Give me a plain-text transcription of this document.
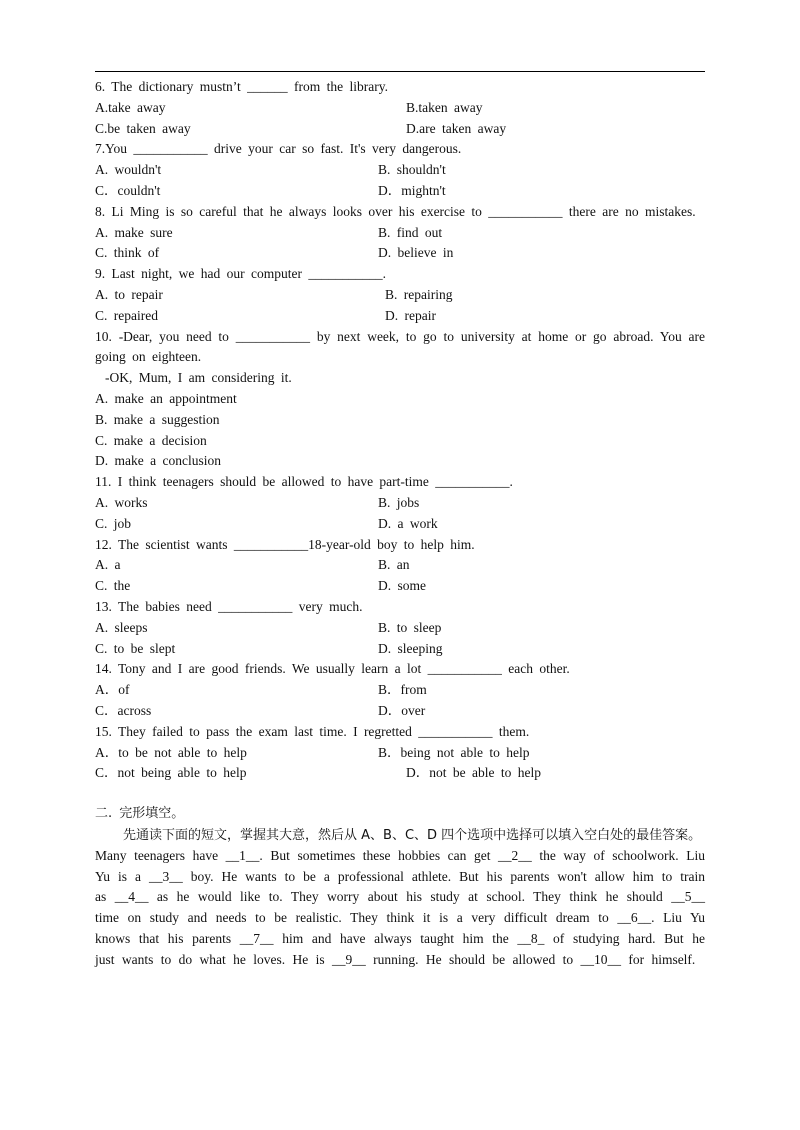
6. The dictionary mustn’t ______ from the library.
A.take away	B.taken away
C.be taken away	D.are taken away
7.You ___________ drive your car so fast. It's very dangerous.
A. wouldn't	B. shouldn't
C．couldn't	D．mightn't
8. Li Ming is so careful that he always looks over his exercise to ___________ there are no mistakes.
A. make sure	B. find out
C. think of	D. believe in
9. Last night, we had our computer ___________.
A. to repair	B. repairing
C. repaired	D. repair
10. -Dear, you need to ___________ by next week, to go to university at home or go abroad. You are going on eighteen.
-OK, Mum, I am considering it.
A. make an appointment
B. make a suggestion
C. make a decision
D. make a conclusion
11. I think teenagers should be allowed to have part-time ___________.
A. works	B. jobs
C. job	D. a work
12. The scientist wants ___________18-year-old boy to help him.
A. a	B. an
C. the	D. some
13. The babies need ___________ very much.
A. sleeps	B. to sleep
C. to be slept	D. sleeping
14. Tony and I are good friends. We usually learn a lot ___________ each other.
A．of	B．from
C．across	D．over
15. They failed to pass the exam last time. I regretted ___________ them.
A．to be not able to help	B．being not able to help
C．not being able to help	D．not be able to help
二. 完形填空。
先通读下面的短文，掌握其大意，然后从 A、B、C、D 四个选项中选择可以填入空白处的最佳答案。
Many teenagers have __1__. But sometimes these hobbies can get __2__ the way of schoolwork. Liu Yu is a __3__ boy. He wants to be a professional athlete. But his parents won't allow him to train as __4__ as he would like to. They worry about his study at school. They think he should __5__ time on study and needs to be realistic. They think it is a very difficult dream to __6__. Liu Yu knows that his parents __7__ him and have always taught him the __8_ of studying hard. But he just wants to do what he loves. He is __9__ running. He should be allowed to __10__ for himself.
